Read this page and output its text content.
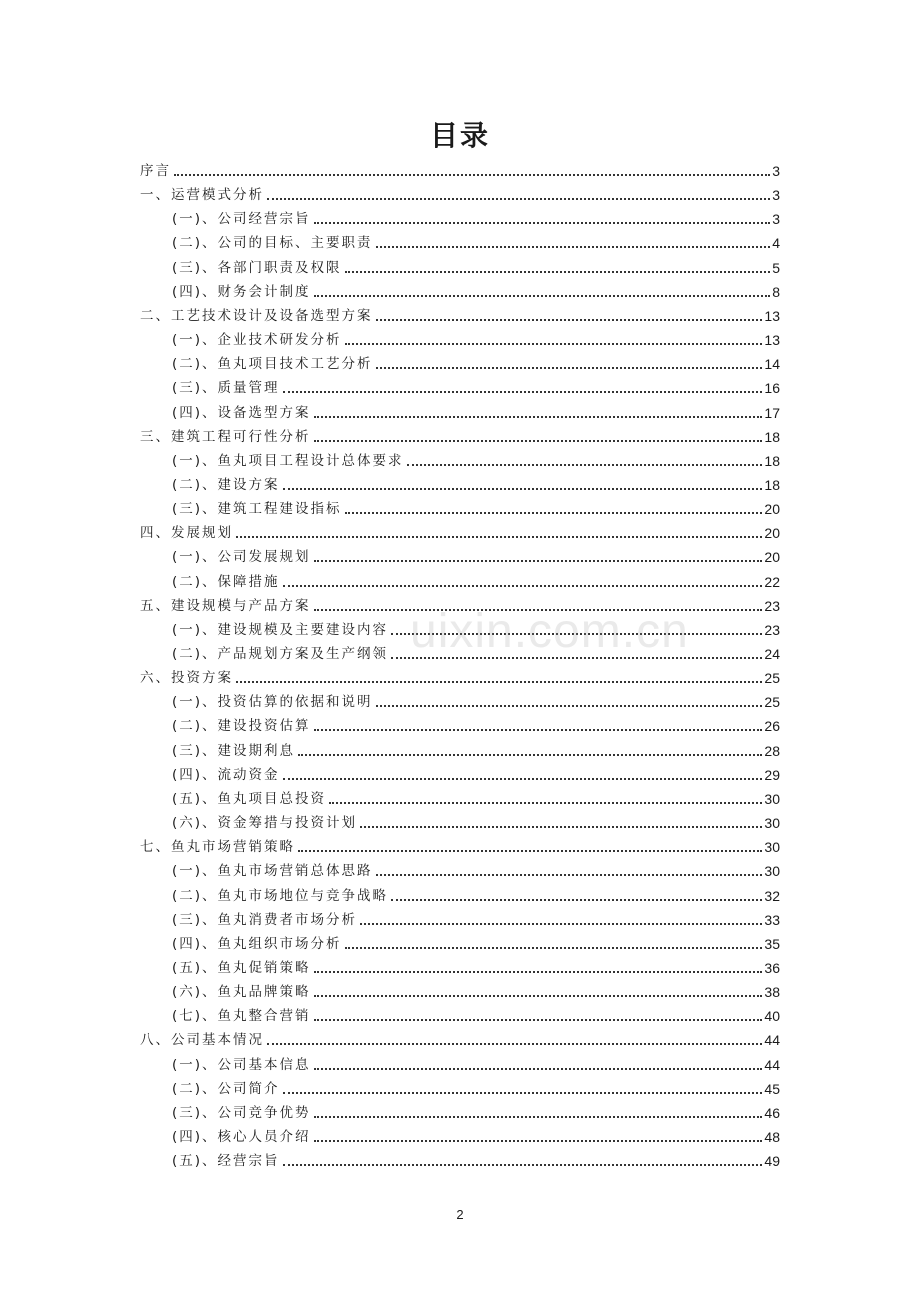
目录
序言	3
一、运营模式分析	3
(一)、公司经营宗旨	3
(二)、公司的目标、主要职责	4
(三)、各部门职责及权限	5
(四)、财务会计制度	8
二、工艺技术设计及设备选型方案	13
(一)、企业技术研发分析	13
(二)、鱼丸项目技术工艺分析	14
(三)、质量管理	16
(四)、设备选型方案	17
三、建筑工程可行性分析	18
(一)、鱼丸项目工程设计总体要求	18
(二)、建设方案	18
(三)、建筑工程建设指标	20
四、发展规划	20
(一)、公司发展规划	20
(二)、保障措施	22
五、建设规模与产品方案	23
(一)、建设规模及主要建设内容	23
(二)、产品规划方案及生产纲领	24
六、投资方案	25
(一)、投资估算的依据和说明	25
(二)、建设投资估算	26
(三)、建设期利息	28
(四)、流动资金	29
(五)、鱼丸项目总投资	30
(六)、资金筹措与投资计划	30
七、鱼丸市场营销策略	30
(一)、鱼丸市场营销总体思路	30
(二)、鱼丸市场地位与竞争战略	32
(三)、鱼丸消费者市场分析	33
(四)、鱼丸组织市场分析	35
(五)、鱼丸促销策略	36
(六)、鱼丸品牌策略	38
(七)、鱼丸整合营销	40
八、公司基本情况	44
(一)、公司基本信息	44
(二)、公司简介	45
(三)、公司竞争优势	46
(四)、核心人员介绍	48
(五)、经营宗旨	49
uixin.com.cn
2
